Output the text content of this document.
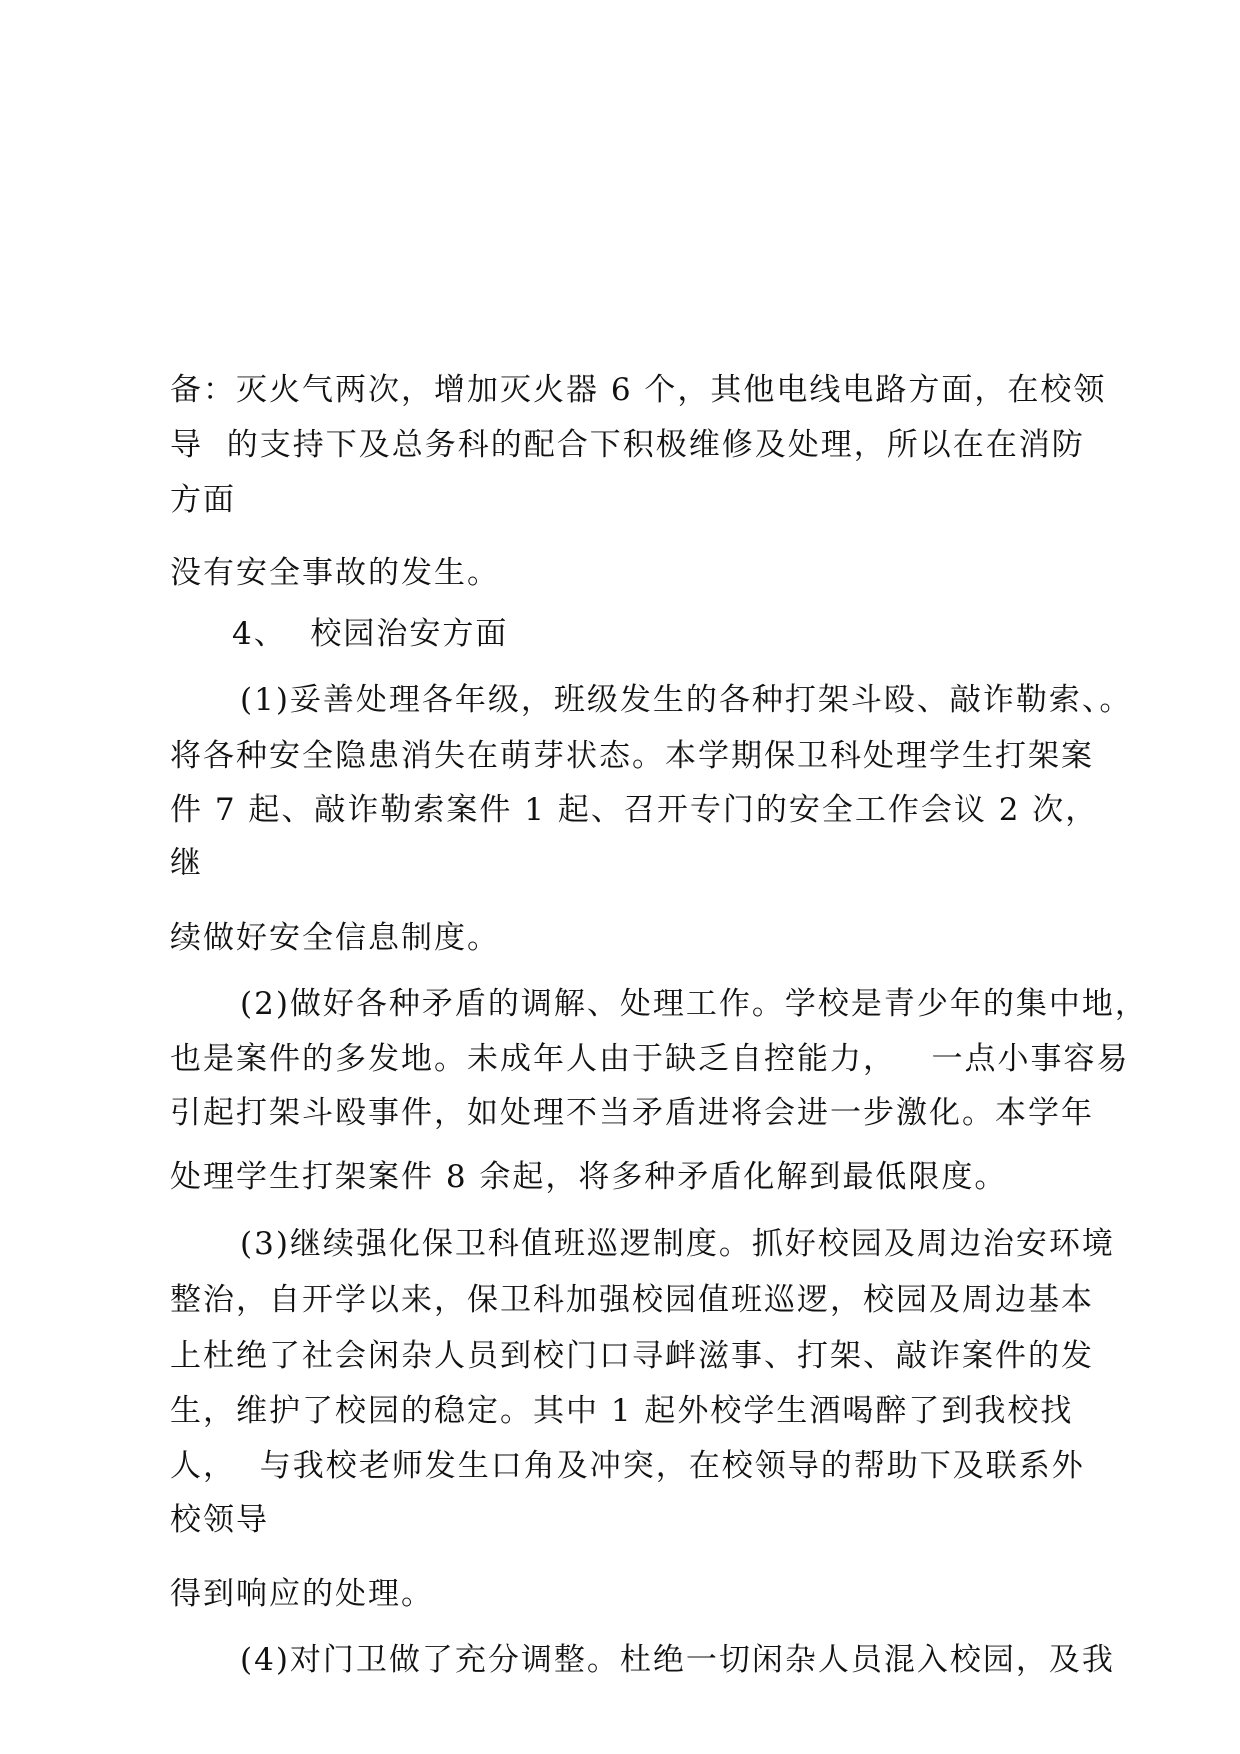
备：灭火气两次，增加灭火器 6 个，其他电线电路方面，在校领
导  的支持下及总务科的配合下积极维修及处理，所以在在消防
方面
没有安全事故的发生。
4、  校园治安方面
(1)妥善处理各年级，班级发生的各种打架斗殴、敲诈勒索、。
将各种安全隐患消失在萌芽状态。本学期保卫科处理学生打架案
件 7 起、敲诈勒索案件 1 起、召开专门的安全工作会议 2 次，
继
续做好安全信息制度。
(2)做好各种矛盾的调解、处理工作。学校是青少年的集中地，
也是案件的多发地。未成年人由于缺乏自控能力，   一点小事容易
引起打架斗殴事件，如处理不当矛盾进将会进一步激化。本学年
处理学生打架案件 8 余起，将多种矛盾化解到最低限度。
(3)继续强化保卫科值班巡逻制度。抓好校园及周边治安环境
整治，自开学以来，保卫科加强校园值班巡逻，校园及周边基本
上杜绝了社会闲杂人员到校门口寻衅滋事、打架、敲诈案件的发
生，维护了校园的稳定。其中 1 起外校学生酒喝醉了到我校找
人，  与我校老师发生口角及冲突，在校领导的帮助下及联系外
校领导
得到响应的处理。
(4)对门卫做了充分调整。杜绝一切闲杂人员混入校园，及我
